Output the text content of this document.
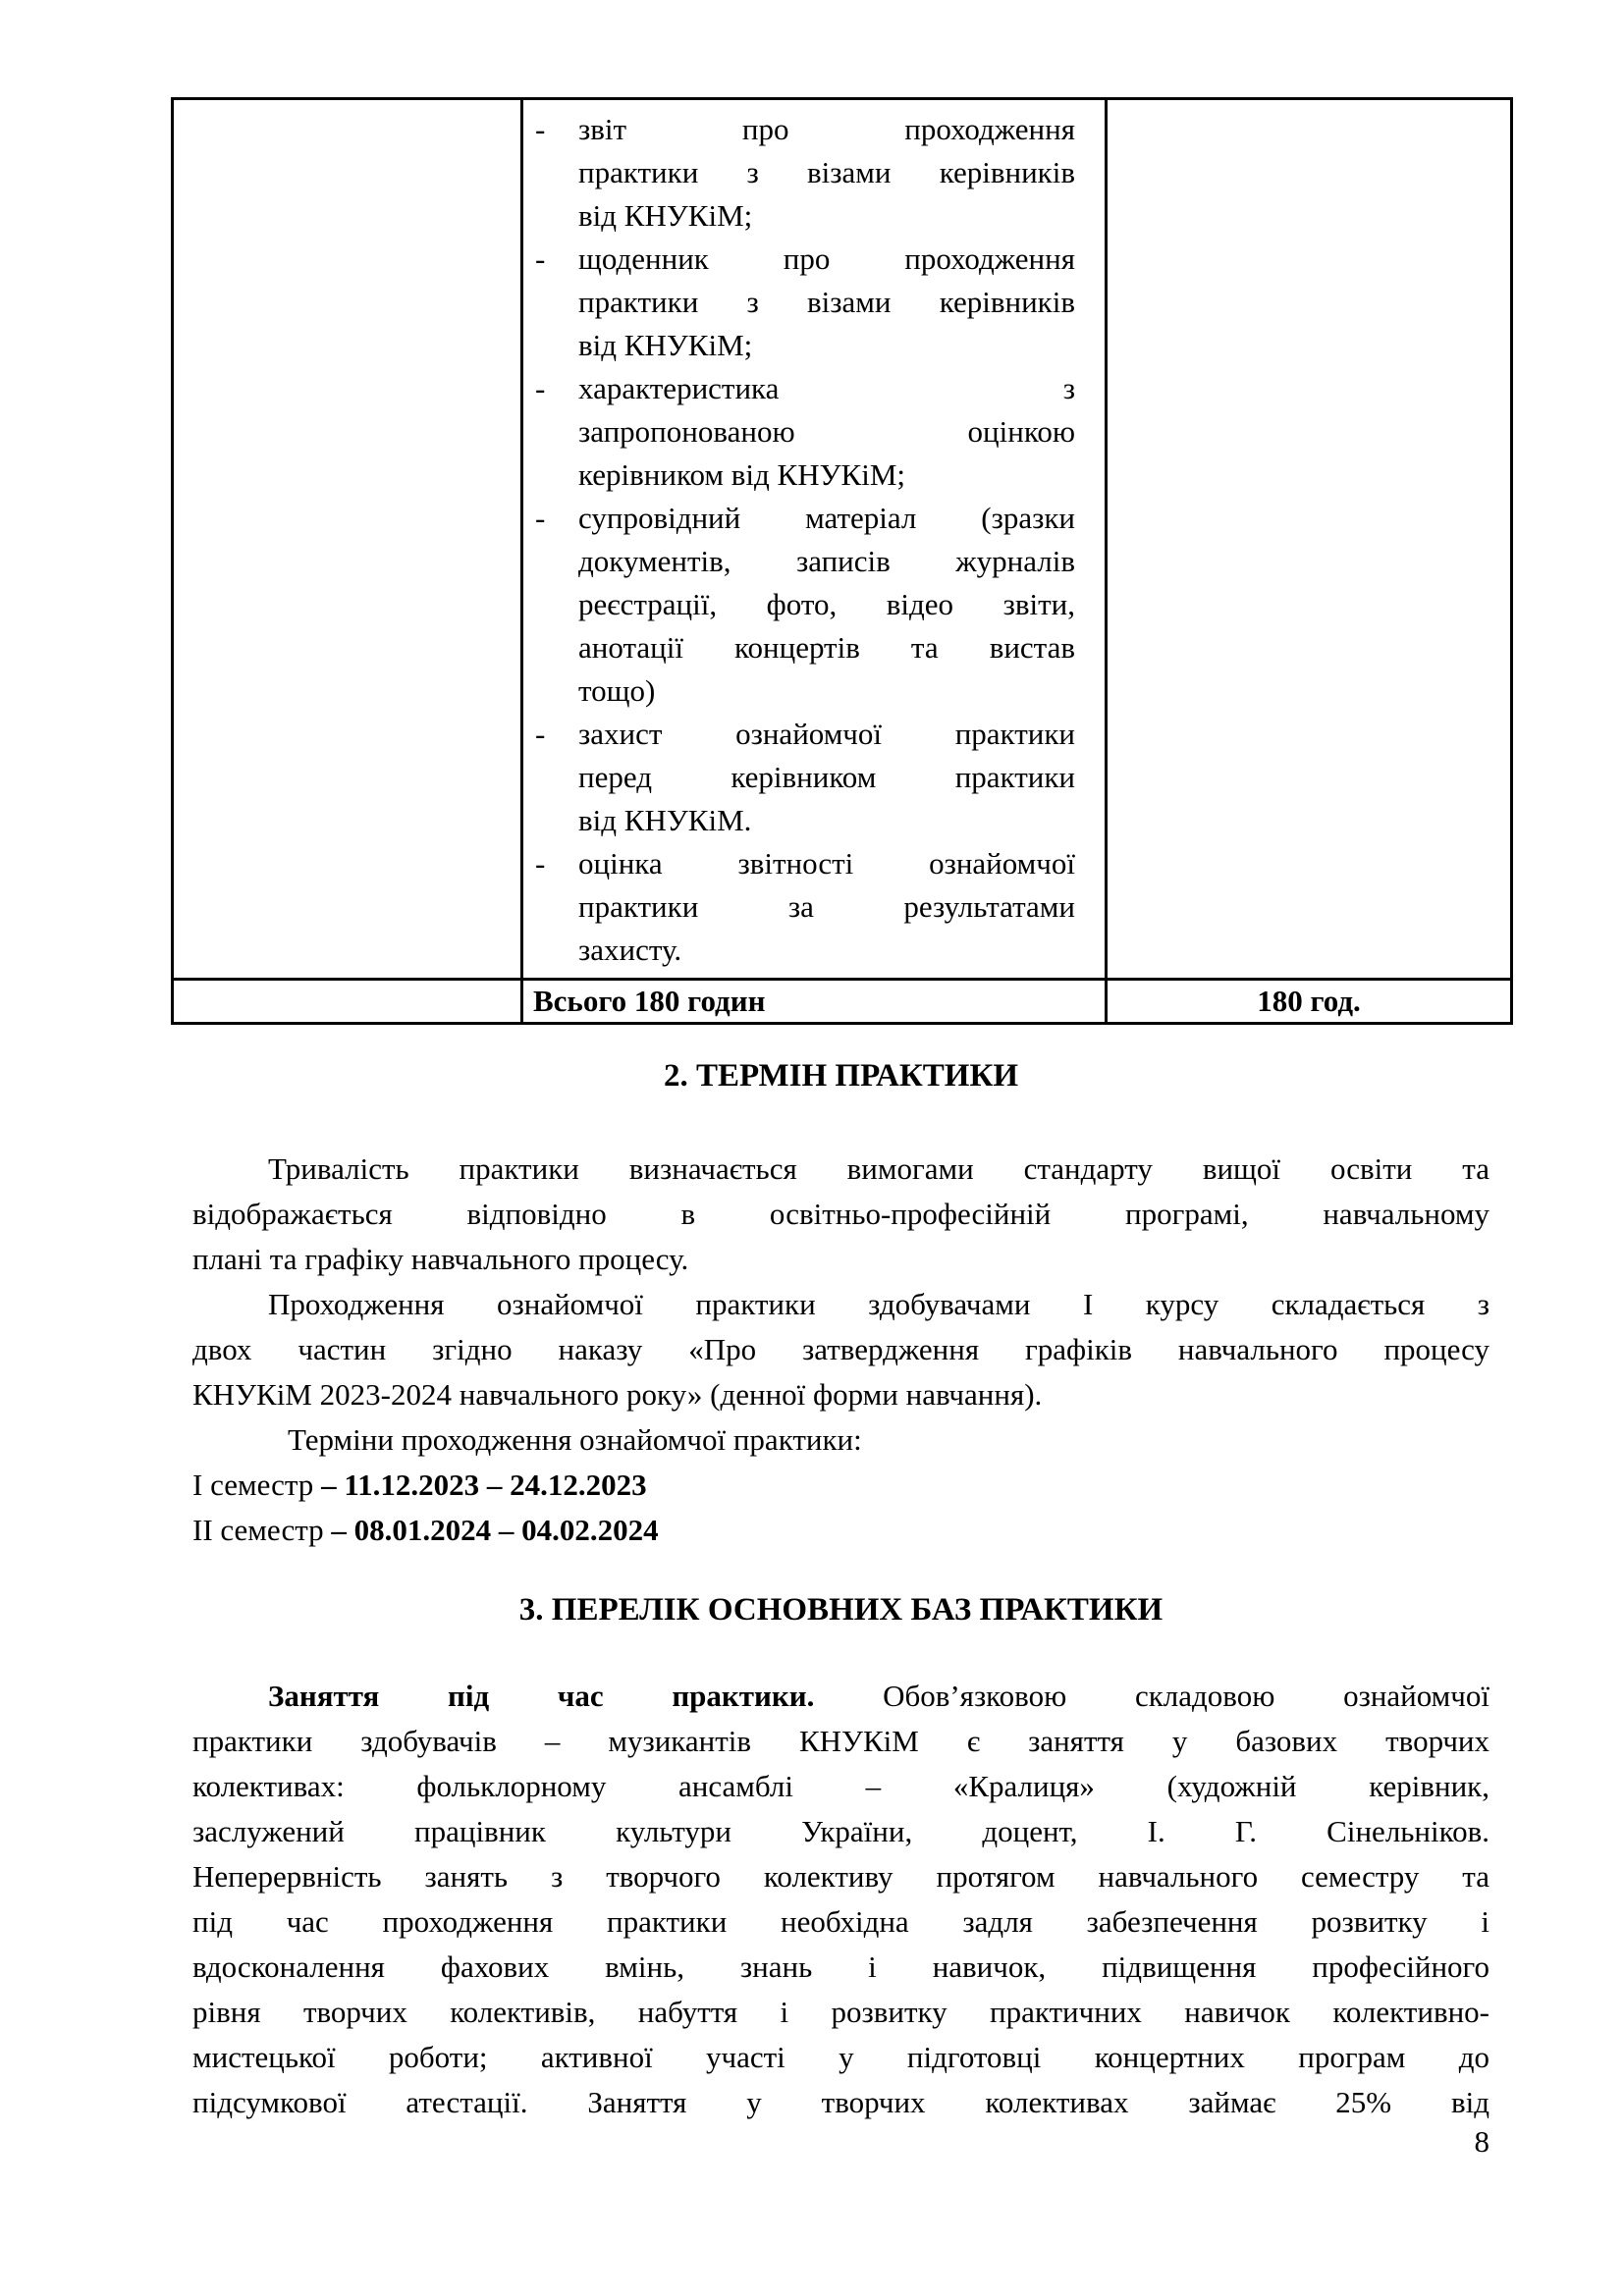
- звіт про проходження
практики з візами керівників
від КНУКіМ;
- щоденник про проходження
практики з візами керівників
від КНУКіМ;
- характеристика з
запропонованою оцінкою
керівником від КНУКіМ;
- супровідний матеріал (зразки
документів, записів журналів
реєстрації, фото, відео звіти,
анотації концертів та вистав
тощо)
- захист ознайомчої практики
перед керівником практики
від КНУКіМ.
- оцінка звітності ознайомчої
практики за результатами
захисту.

	Всього 180 годин	180 год.
2. ТЕРМІН ПРАКТИКИ
Тривалість практики визначається вимогами стандарту вищої освіти та
відображається відповідно в освітньо-професійній програмі, навчальному
плані та графіку навчального процесу.
Проходження ознайомчої практики здобувачами І курсу складається з
двох частин згідно наказу «Про затвердження графіків навчального процесу
КНУКіМ 2023-2024 навчального року» (денної форми навчання).
Терміни проходження ознайомчої практики:
І семестр – 11.12.2023 – 24.12.2023
ІІ семестр – 08.01.2024 – 04.02.2024
3. ПЕРЕЛІК ОСНОВНИХ БАЗ ПРАКТИКИ
Заняття під час практики. Обов’язковою складовою ознайомчої
практики здобувачів – музикантів КНУКіМ є заняття у базових творчих
колективах: фольклорному ансамблі – «Кралиця» (художній керівник,
заслужений працівник культури України, доцент, І. Г. Сінельніков.
Неперервність занять з творчого колективу протягом навчального семестру та
під час проходження практики необхідна задля забезпечення розвитку і
вдосконалення фахових вмінь, знань і навичок, підвищення професійного
рівня творчих колективів, набуття і розвитку практичних навичок колективно-
мистецької роботи; активної участі у підготовці концертних програм до
підсумкової атестації. Заняття у творчих колективах займає 25% від
8
